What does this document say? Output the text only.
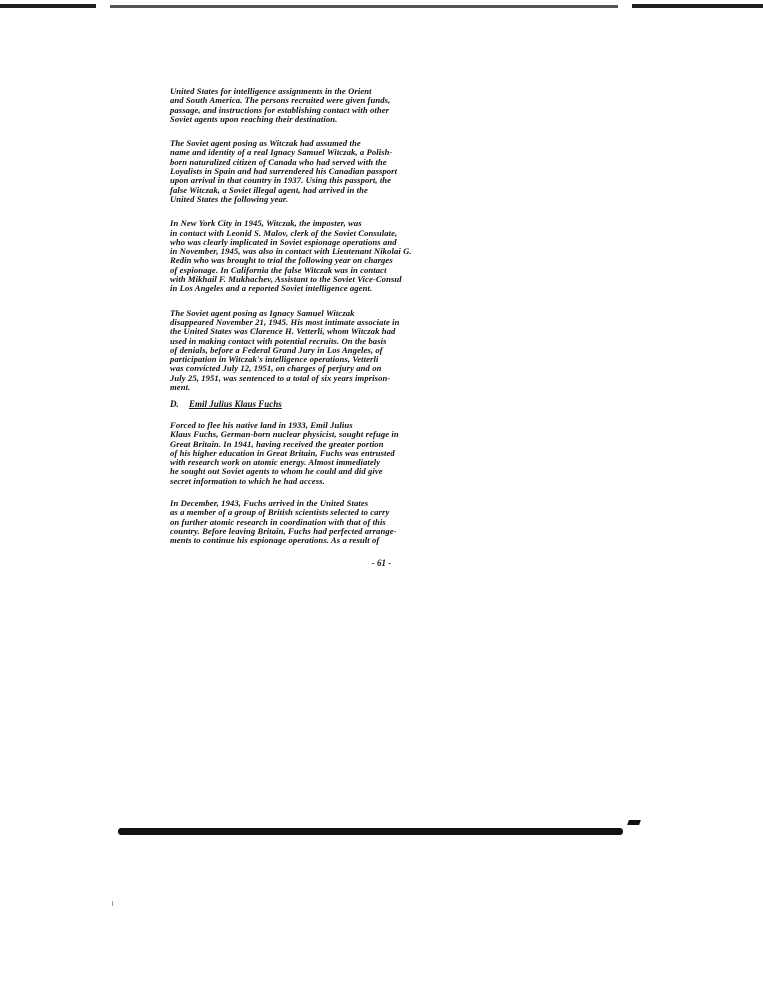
United States for intelligence assignments in the Orient
and South America. The persons recruited were given funds,
passage, and instructions for establishing contact with other
Soviet agents upon reaching their destination.

The Soviet agent posing as Witczak had assumed the
name and identity of a real Ignacy Samuel Witczak, a Polish-
born naturalized citizen of Canada who had served with the
Loyalists in Spain and had surrendered his Canadian passport
upon arrival in that country in 1937. Using this passport, the
false Witczak, a Soviet illegal agent, had arrived in the
United States the following year.

In New York City in 1945, Witczak, the imposter, was
in contact with Leonid S. Malov, clerk of the Soviet Consulate,
who was clearly implicated in Soviet espionage operations and
in November, 1945, was also in contact with Lieutenant Nikolai G.
Redin who was brought to trial the following year on charges
of espionage. In California the false Witczak was in contact
with Mikhail F. Mukhachev, Assistant to the Soviet Vice-Consul
in Los Angeles and a reported Soviet intelligence agent.

The Soviet agent posing as Ignacy Samuel Witczak
disappeared November 21, 1945. His most intimate associate in
the United States was Clarence H. Vetterli, whom Witczak had
used in making contact with potential recruits. On the basis
of denials, before a Federal Grand Jury in Los Angeles, of
participation in Witczak's intelligence operations, Vetterli
was convicted July 12, 1951, on charges of perjury and on
July 25, 1951, was sentenced to a total of six years imprison-
ment.

D. Emil Julius Klaus Fuchs

Forced to flee his native land in 1933, Emil Julius
Klaus Fuchs, German-born nuclear physicist, sought refuge in
Great Britain. In 1941, having received the greater portion
of his higher education in Great Britain, Fuchs was entrusted
with research work on atomic energy. Almost immediately
he sought out Soviet agents to whom he could and did give
secret information to which he had access.

In December, 1943, Fuchs arrived in the United States
as a member of a group of British scientists selected to carry
on further atomic research in coordination with that of this
country. Before leaving Britain, Fuchs had perfected arrange-
ments to continue his espionage operations. As a result of

- 61 -
